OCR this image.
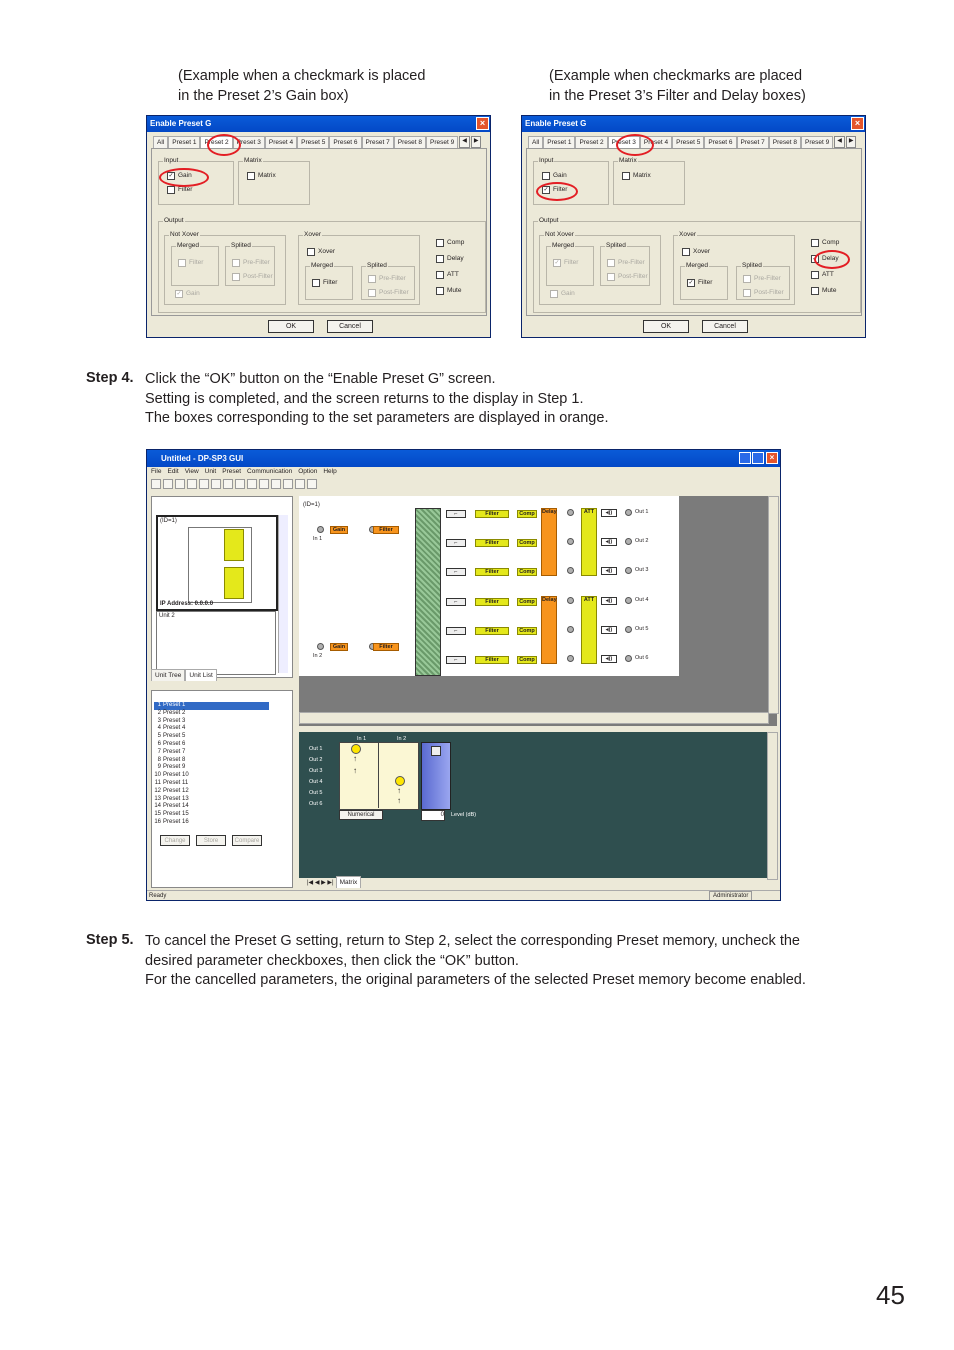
(Example when a checkmark is placed
in the Preset 2’s Gain box)
(Example when checkmarks are placed
in the Preset 3’s Filter and Delay boxes)
Enable Preset G	×
All	Preset 1	Preset 2	Preset 3	Preset 4	Preset 5	Preset 6	Preset 7	Preset 8	Preset 9	◀	▶
Input
✓ Gain
Filter
Matrix
Matrix
Output
Not Xover
Merged
Filter
Splited
Pre-Filter
Post-Filter
✓ Gain
Xover
Xover
Merged
Filter
Splited
Pre-Filter
Post-Filter
Comp
Delay
ATT
Mute
OK	Cancel
Enable Preset G	×
All	Preset 1	Preset 2	Preset 3	Preset 4	Preset 5	Preset 6	Preset 7	Preset 8	Preset 9	◀	▶
Input
Gain
✓ Filter
Matrix
Matrix
Output
Not Xover
Merged
✓ Filter
Splited
Pre-Filter
Post-Filter
Gain
Xover
Xover
Merged
✓ Filter
Splited
Pre-Filter
Post-Filter
Comp
✓ Delay
ATT
Mute
OK	Cancel
Step 4. Click the “OK” button on the “Enable Preset G” screen.
Setting is completed, and the screen returns to the display in Step 1.
The boxes corresponding to the set parameters are displayed in orange.
Untitled - DP-SP3 GUI	×
File Edit View Unit Preset Communication Option Help
(ID=1)
IP Address: 0.0.0.0
Unit 2
Unit Tree	Unit List
1 Preset 1
2 Preset 2
3 Preset 3
4 Preset 4
5 Preset 5
6 Preset 6
7 Preset 7
8 Preset 8
9 Preset 9
10 Preset 10
11 Preset 11
12 Preset 12
13 Preset 13
14 Preset 14
15 Preset 15
16 Preset 16
Change	Store	Compare
(ID=1)
In 1
Gain	Filter
In 2
Gain	Filter
⌐	Filter	Comp	◂))	Out 1
⌐	Filter	Comp	◂))	Out 2
⌐	Filter	Comp	◂))	Out 3
⌐	Filter	Comp	◂))	Out 4
⌐	Filter	Comp	◂))	Out 5
⌐	Filter	Comp	◂))	Out 6
Delay	ATT
Delay	ATT
In 1	In 2
Out 1
Out 2
Out 3
Out 4
Out 5
Out 6
↑
↑
↑
↑
Numerical	0 Level (dB)
|◀ ◀ ▶ ▶| Matrix
Ready	Administrator
Step 5. To cancel the Preset G setting, return to Step 2, select the corresponding Preset memory, uncheck the
desired parameter checkboxes, then click the “OK” button.
For the cancelled parameters, the original parameters of the selected Preset memory become enabled.
45
